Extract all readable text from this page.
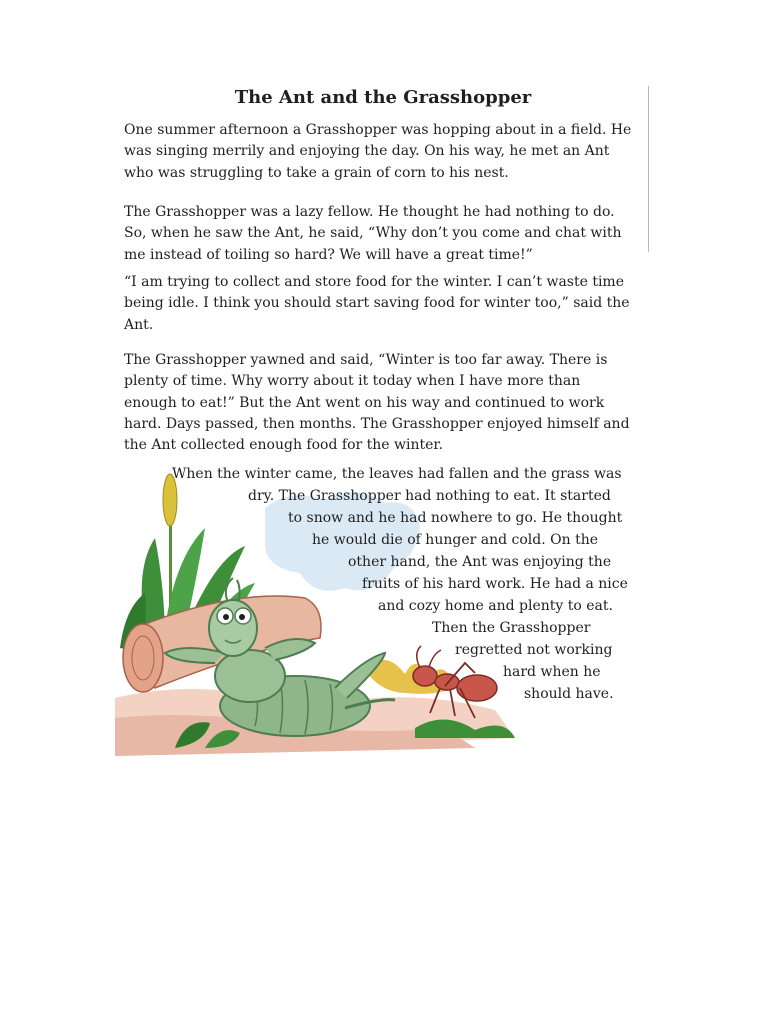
The Ant and the Grasshopper

One summer afternoon a Grasshopper was hopping about in a field. He
was singing merrily and enjoying the day. On his way, he met an Ant
who was struggling to take a grain of corn to his nest.

The Grasshopper was a lazy fellow. He thought he had nothing to do.
So, when he saw the Ant, he said, “Why don’t you come and chat with
me instead of toiling so hard? We will have a great time!”

“I am trying to collect and store food for the winter. I can’t waste time
being idle. I think you should start saving food for winter too,” said the
Ant.

The Grasshopper yawned and said, “Winter is too far away. There is
plenty of time. Why worry about it today when I have more than
enough to eat!” But the Ant went on his way and continued to work
hard. Days passed, then months. The Grasshopper enjoyed himself and
the Ant collected enough food for the winter.

When the winter came, the leaves had fallen and the grass was
dry. The Grasshopper had nothing to eat. It started
to snow and he had nowhere to go. He thought
he would die of hunger and cold. On the
other hand, the Ant was enjoying the
fruits of his hard work. He had a nice
and cozy home and plenty to eat.
Then the Grasshopper
regretted not working
hard when he
should have.
